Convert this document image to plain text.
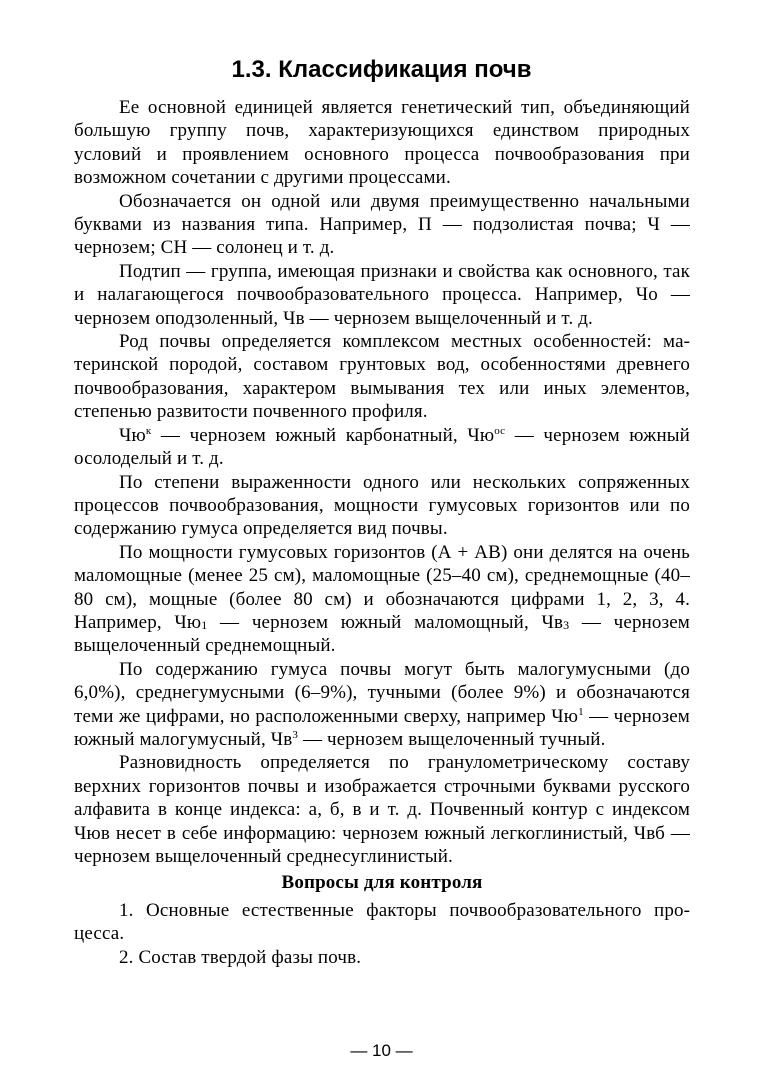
1.3. Классификация почв

Ее основной единицей является генетический тип, объединяющий большую группу почв, характеризующихся единством природных условий и проявлением основного процесса почвообразования при возможном сочетании с другими процессами.

Обозначается он одной или двумя преимущественно начальными буквами из названия типа. Например, П — подзолистая почва; Ч — чернозем; СН — солонец и т. д.

Подтип — группа, имеющая признаки и свойства как основного, так и налагающегося почвообразовательного процесса. Например, Чо — чернозем оподзоленный, Чв — чернозем выщелоченный и т. д.

Род почвы определяется комплексом местных особенностей: материнской породой, составом грунтовых вод, особенностями древнего почвообразования, характером вымывания тех или иных элементов, степенью развитости почвенного профиля.

$Чю^к$ — чернозем южный карбонатный, $Чю^{ос}$ — чернозем южный осолоделый и т. д.

По степени выраженности одного или нескольких сопряженных процессов почвообразования, мощности гумусовых горизонтов или по содержанию гумуса определяется вид почвы.

По мощности гумусовых горизонтов (А + АВ) они делятся на очень маломощные (менее 25 см), маломощные (25–40 см), среднемощные (40–80 см), мощные (более 80 см) и обозначаются цифрами 1, 2, 3, 4. Например, $Чю_1$ — чернозем южный маломощный, $Чв_3$ — чернозем выщелоченный среднемощный.

По содержанию гумуса почвы могут быть малогумусными (до 6,0%), среднегумусными (6–9%), тучными (более 9%) и обозначаются теми же цифрами, но расположенными сверху, например $Чю^1$ — чернозем южный малогумусный, $Чв^3$ — чернозем выщелоченный тучный.

Разновидность определяется по гранулометрическому составу верхних горизонтов почвы и изображается строчными буквами русского алфавита в конце индекса: а, б, в и т. д. Почвенный контур с индексом Чюв несет в себе информацию: чернозем южный легкоглинистый, Чвб — чернозем выщелоченный среднесуглинистый.

Вопросы для контроля

1. Основные естественные факторы почвообразовательного процесса.

2. Состав твердой фазы почв.

— 10 —
